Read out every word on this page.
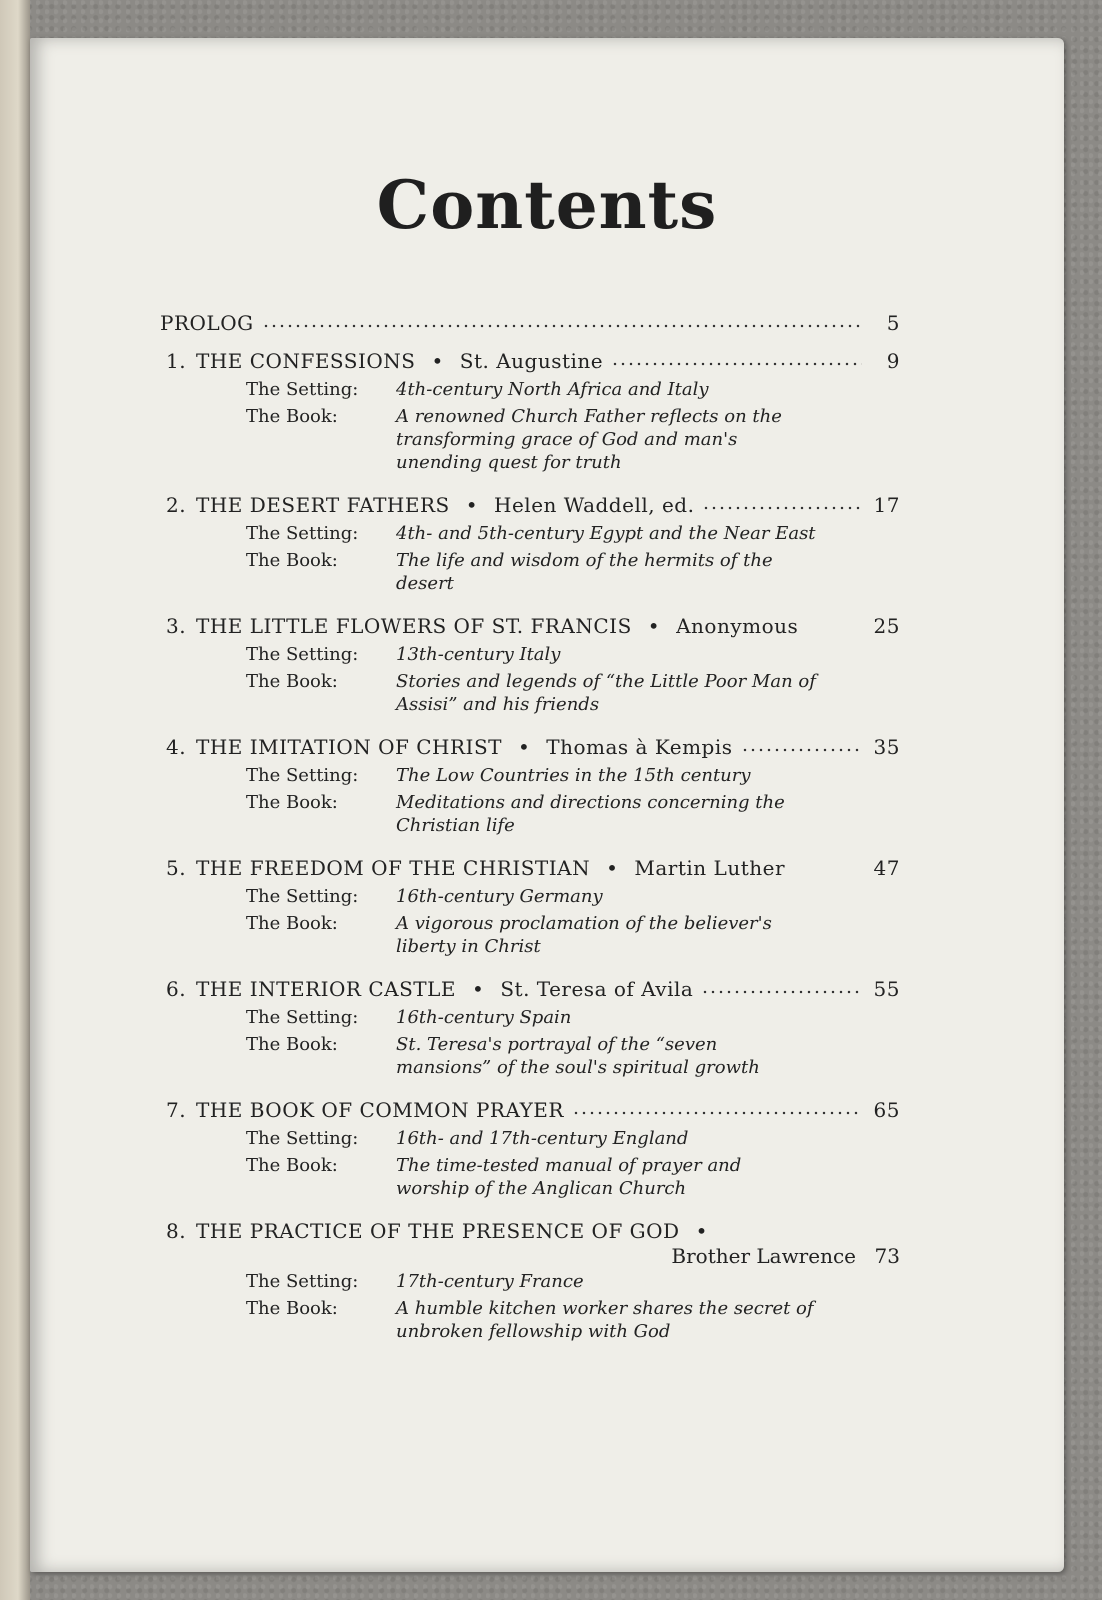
Contents
PROLOG	5
1. THE CONFESSIONS • St. Augustine	9
The Setting:	4th-century North Africa and Italy
The Book:	A renowned Church Father reflects on the transforming grace of God and man's unending quest for truth
2. THE DESERT FATHERS • Helen Waddell, ed.	17
The Setting:	4th- and 5th-century Egypt and the Near East
The Book:	The life and wisdom of the hermits of the desert
3. THE LITTLE FLOWERS OF ST. FRANCIS • Anonymous	25
The Setting:	13th-century Italy
The Book:	Stories and legends of “the Little Poor Man of Assisi” and his friends
4. THE IMITATION OF CHRIST • Thomas à Kempis	35
The Setting:	The Low Countries in the 15th century
The Book:	Meditations and directions concerning the Christian life
5. THE FREEDOM OF THE CHRISTIAN • Martin Luther	47
The Setting:	16th-century Germany
The Book:	A vigorous proclamation of the believer's liberty in Christ
6. THE INTERIOR CASTLE • St. Teresa of Avila	55
The Setting:	16th-century Spain
The Book:	St. Teresa's portrayal of the “seven mansions” of the soul's spiritual growth
7. THE BOOK OF COMMON PRAYER	65
The Setting:	16th- and 17th-century England
The Book:	The time-tested manual of prayer and worship of the Anglican Church
8. THE PRACTICE OF THE PRESENCE OF GOD •
Brother Lawrence 73
The Setting:	17th-century France
The Book:	A humble kitchen worker shares the secret of unbroken fellowship with God
